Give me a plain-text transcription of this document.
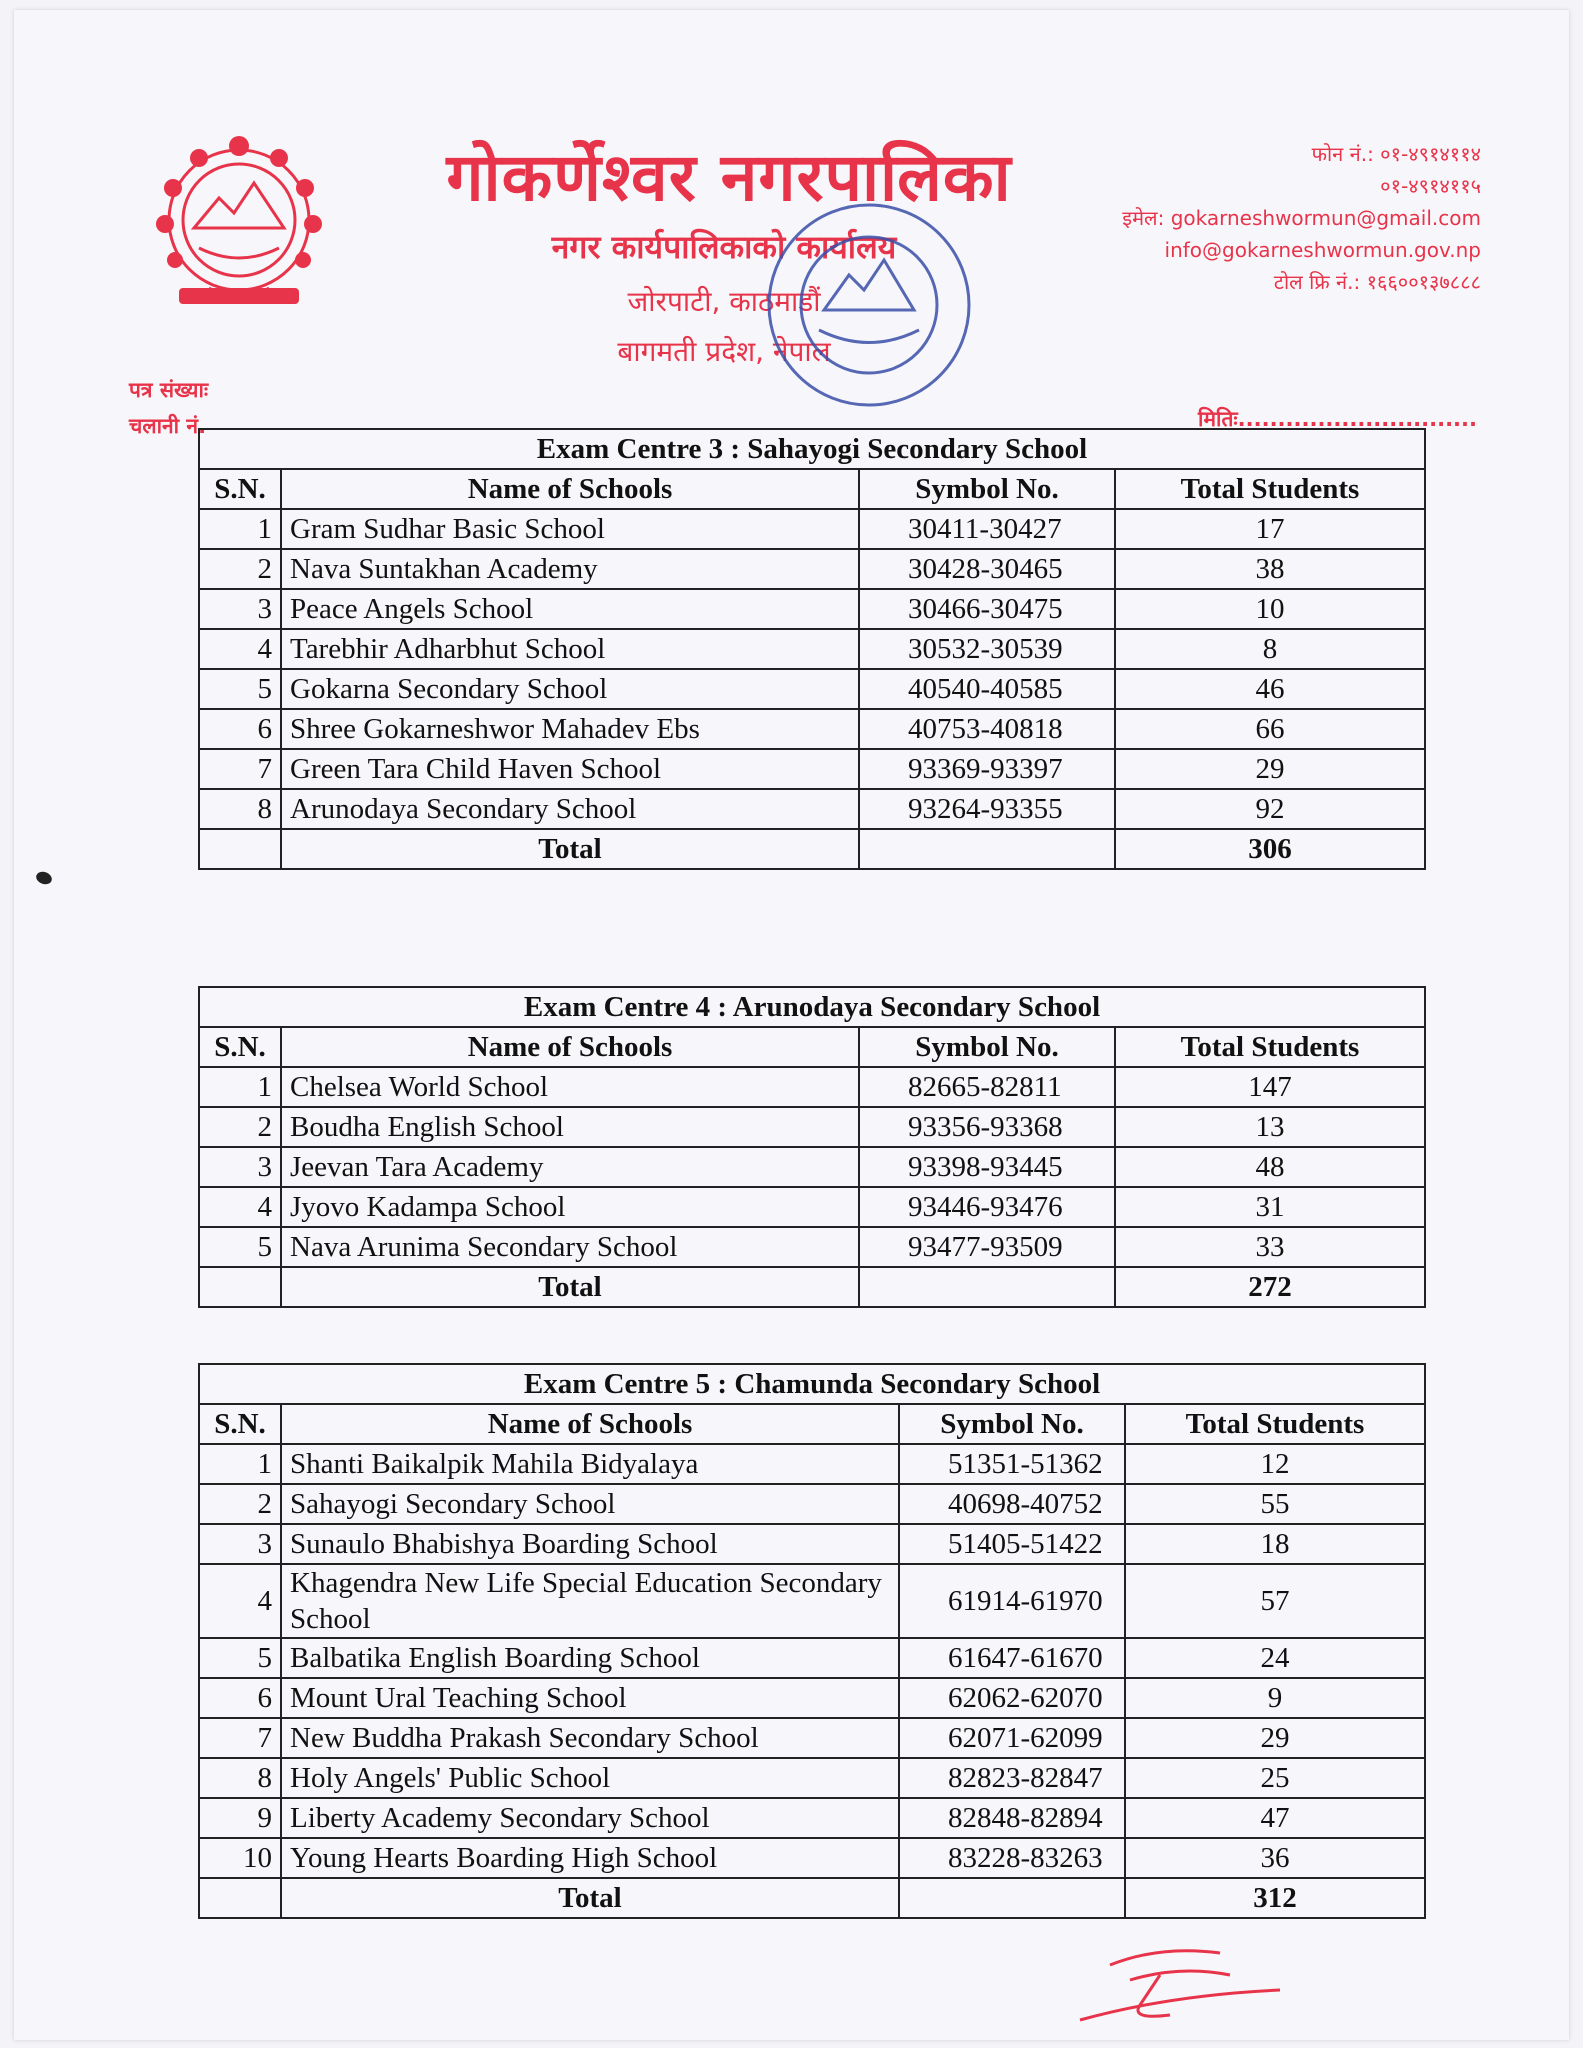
गोकर्णेश्वर नगरपालिका
नगर कार्यपालिकाको कार्यालय
जोरपाटी, काठमाडौं
बागमती प्रदेश, नेपाल
फोन नं.: ०१-४९१४११४
०१-४९१४११५
इमेल: gokarneshwormun@gmail.com
info@gokarneshwormun.gov.np
टोल फ्रि नं.: १६६००१३७८८८
पत्र संख्याः
चलानी नं.	मितिः..............................
Exam Centre 3 : Sahayogi Secondary School			
S.N.	Name of Schools	Symbol No.	Total Students
1	Gram Sudhar Basic School	30411-30427	17
2	Nava Suntakhan Academy	30428-30465	38
3	Peace Angels School	30466-30475	10
4	Tarebhir Adharbhut School	30532-30539	8
5	Gokarna Secondary School	40540-40585	46
6	Shree Gokarneshwor Mahadev Ebs	40753-40818	66
7	Green Tara Child Haven School	93369-93397	29
8	Arunodaya Secondary School	93264-93355	92
	Total		306
Exam Centre 4 : Arunodaya Secondary School			
S.N.	Name of Schools	Symbol No.	Total Students
1	Chelsea World School	82665-82811	147
2	Boudha English School	93356-93368	13
3	Jeevan Tara Academy	93398-93445	48
4	Jyovo Kadampa School	93446-93476	31
5	Nava Arunima Secondary School	93477-93509	33
	Total		272
Exam Centre 5 : Chamunda Secondary School			
S.N.	Name of Schools	Symbol No.	Total Students
1	Shanti Baikalpik Mahila Bidyalaya	51351-51362	12
2	Sahayogi Secondary School	40698-40752	55
3	Sunaulo Bhabishya Boarding School	51405-51422	18
4	Khagendra New Life Special Education Secondary School	61914-61970	57
5	Balbatika English Boarding School	61647-61670	24
6	Mount Ural Teaching School	62062-62070	9
7	New Buddha Prakash Secondary School	62071-62099	29
8	Holy Angels' Public School	82823-82847	25
9	Liberty Academy Secondary School	82848-82894	47
10	Young Hearts Boarding High School	83228-83263	36
	Total		312
